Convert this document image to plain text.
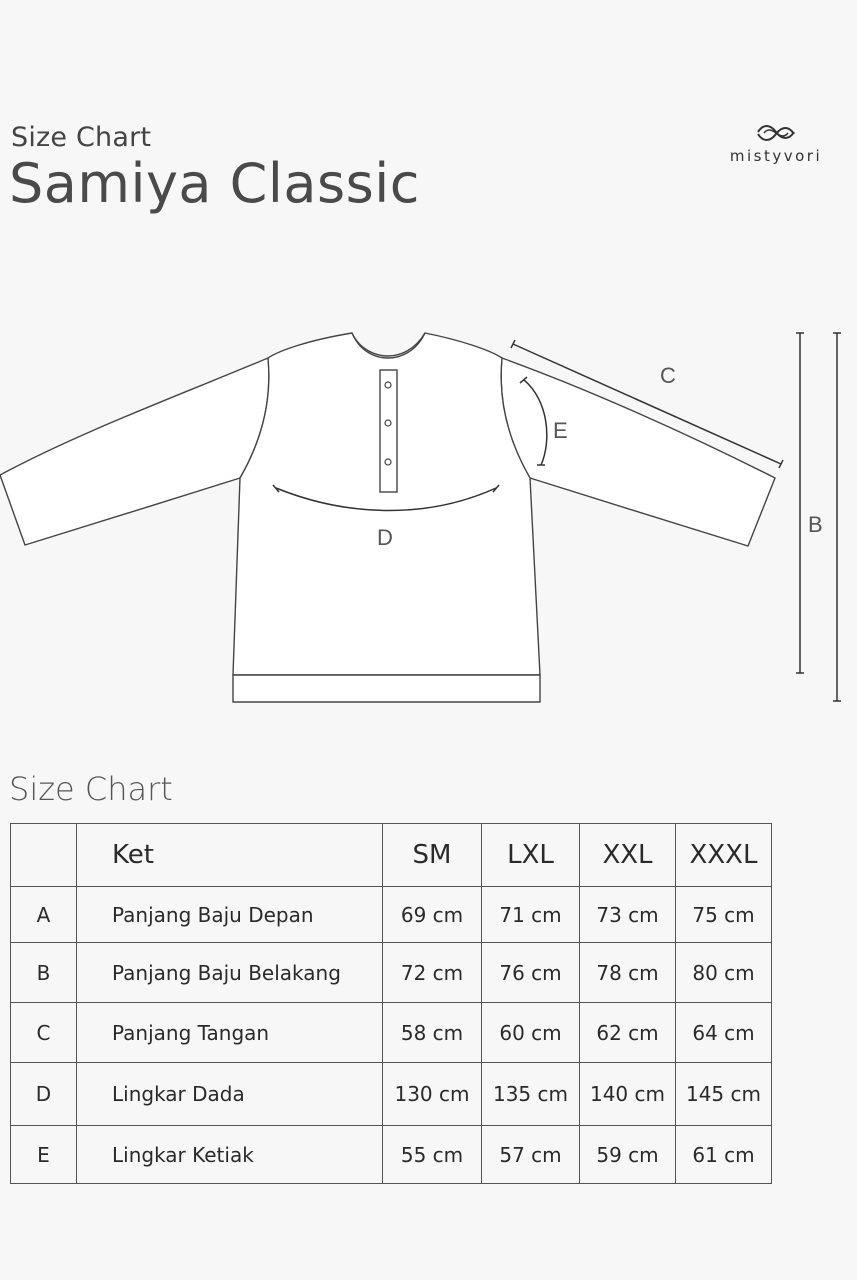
Size Chart
Samiya Classic	mistyvori
D
C
E
B
Size Chart
	Ket	SM	LXL	XXL	XXXL
A	Panjang Baju Depan	69 cm	71 cm	73 cm	75 cm
B	Panjang Baju Belakang	72 cm	76 cm	78 cm	80 cm
C	Panjang Tangan	58 cm	60 cm	62 cm	64 cm
D	Lingkar Dada	130 cm	135 cm	140 cm	145 cm
E	Lingkar Ketiak	55 cm	57 cm	59 cm	61 cm
